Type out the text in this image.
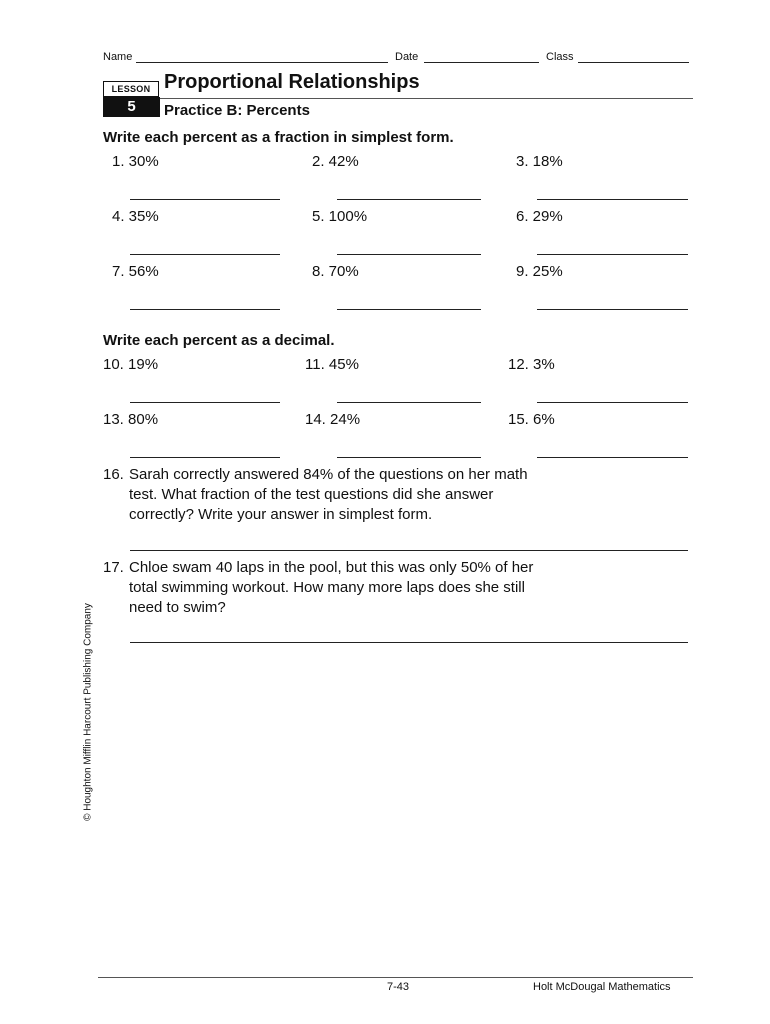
Name	Date	Class
LESSON
5
Proportional Relationships
Practice B: Percents
Write each percent as a fraction in simplest form.
1. 30%	2. 42%	3. 18%
4. 35%	5. 100%	6. 29%
7. 56%	8. 70%	9. 25%
Write each percent as a decimal.
10. 19%	11. 45%	12. 3%
13. 80%	14. 24%	15. 6%
16. Sarah correctly answered 84% of the questions on her math test. What fraction of the test questions did she answer correctly? Write your answer in simplest form.
17. Chloe swam 40 laps in the pool, but this was only 50% of her total swimming workout. How many more laps does she still need to swim?
© Houghton Mifflin Harcourt Publishing Company
7-43	Holt McDougal Mathematics
